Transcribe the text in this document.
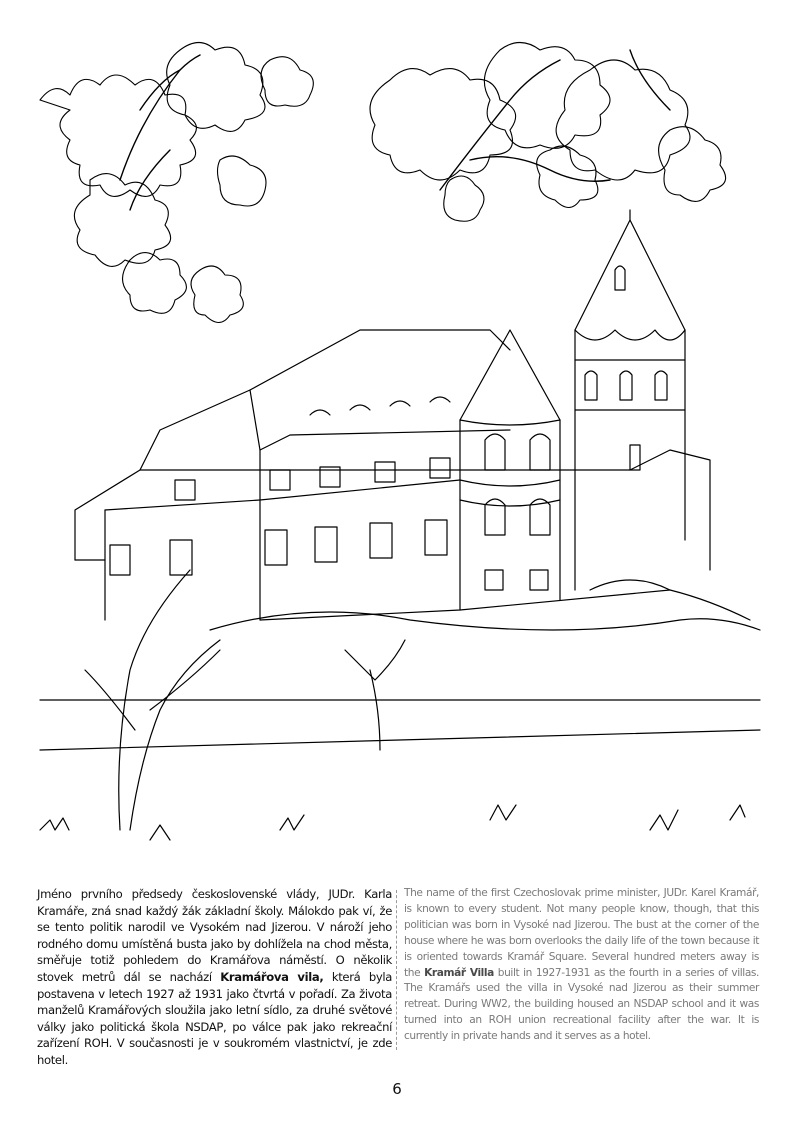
Jméno prvního předsedy československé vlády, JUDr. Karla Kramáře, zná snad každý žák základní školy. Málokdo pak ví, že se tento politik narodil ve Vysokém nad Jizerou. V nároží jeho rodného domu umístěná busta jako by dohlížela na chod města, směřuje totiž pohledem do Kramářova náměstí. O několik stovek metrů dál se nachází Kramářova vila, která byla postavena v letech 1927 až 1931 jako čtvrtá v pořadí. Za života manželů Kramářových sloužila jako letní sídlo, za druhé světové války jako politická škola NSDAP, po válce pak jako rekreační zařízení ROH. V současnosti je v soukromém vlastnictví, je zde hotel.
The name of the first Czechoslovak prime minister, JUDr. Karel Kramář, is known to every student. Not many people know, though, that this politician was born in Vysoké nad Jizerou. The bust at the corner of the house where he was born overlooks the daily life of the town because it is oriented towards Kramář Square. Several hundred meters away is the Kramář Villa built in 1927-1931 as the fourth in a series of villas. The Kramářs used the villa in Vysoké nad Jizerou as their summer retreat. During WW2, the building housed an NSDAP school and it was turned into an ROH union recreational facility after the war. It is currently in private hands and it serves as a hotel.
6
